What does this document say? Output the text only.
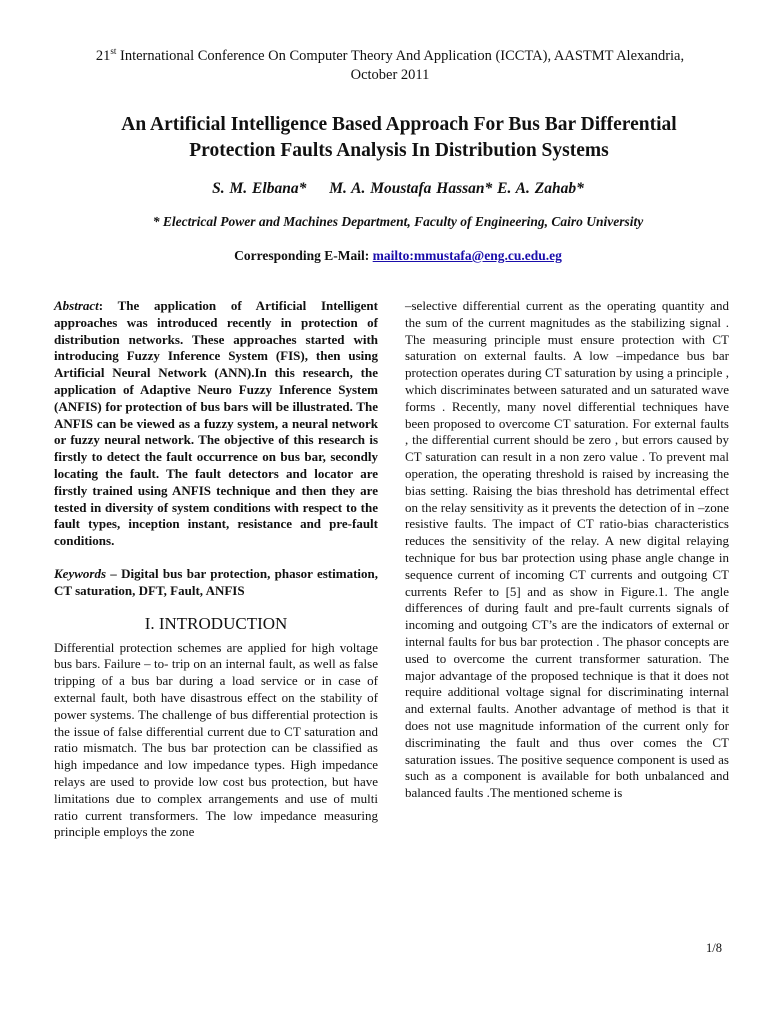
21st International Conference On Computer Theory And Application (ICCTA), AASTMT Alexandria,
October 2011
An Artificial Intelligence Based Approach For Bus Bar Differential
Protection Faults Analysis In Distribution Systems
S. M. Elbana* M. A. Moustafa Hassan* E. A. Zahab*
* Electrical Power and Machines Department, Faculty of Engineering, Cairo University
Corresponding E-Mail: mailto:mmustafa@eng.cu.edu.eg

Abstract: The application of Artificial Intelligent approaches was introduced recently in protection of distribution networks. These approaches started with introducing Fuzzy Inference System (FIS), then using Artificial Neural Network (ANN).In this research, the application of Adaptive Neuro Fuzzy Inference System (ANFIS) for protection of bus bars will be illustrated. The ANFIS can be viewed as a fuzzy system, a neural network or fuzzy neural network. The objective of this research is firstly to detect the fault occurrence on bus bar, secondly locating the fault. The fault detectors and locator are firstly trained using ANFIS technique and then they are tested in diversity of system conditions with respect to the fault types, inception instant, resistance and pre-fault conditions.

Keywords – Digital bus bar protection, phasor estimation, CT saturation, DFT, Fault, ANFIS

I. INTRODUCTION

Differential protection schemes are applied for high voltage bus bars. Failure – to- trip on an internal fault, as well as false tripping of a bus bar during a load service or in case of external fault, both have disastrous effect on the stability of power systems. The challenge of bus differential protection is the issue of false differential current due to CT saturation and ratio mismatch. The bus bar protection can be classified as high impedance and low impedance types. High impedance relays are used to provide low cost bus protection, but have limitations due to complex arrangements and use of multi ratio current transformers. The low impedance measuring principle employs the zone

–selective differential current as the operating quantity and the sum of the current magnitudes as the stabilizing signal . The measuring principle must ensure protection with CT saturation on external faults. A low –impedance bus bar protection operates during CT saturation by using a principle , which discriminates between saturated and un saturated wave forms . Recently, many novel differential techniques have been proposed to overcome CT saturation. For external faults , the differential current should be zero , but errors caused by CT saturation can result in a non zero value . To prevent mal operation, the operating threshold is raised by increasing the bias setting. Raising the bias threshold has detrimental effect on the relay sensitivity as it prevents the detection of in –zone resistive faults. The impact of CT ratio-bias characteristics reduces the sensitivity of the relay. A new digital relaying technique for bus bar protection using phase angle change in sequence current of incoming CT currents and outgoing CT currents Refer to [5] and as show in Figure.1. The angle differences of during fault and pre-fault currents signals of incoming and outgoing CT’s are the indicators of external or internal faults for bus bar protection . The phasor concepts are used to overcome the current transformer saturation. The major advantage of the proposed technique is that it does not require additional voltage signal for discriminating internal and external faults. Another advantage of method is that it does not use magnitude information of the current only for discriminating the fault and thus over comes the CT saturation issues. The positive sequence component is used as such as a component is available for both unbalanced and balanced faults .The mentioned scheme is

1/8
